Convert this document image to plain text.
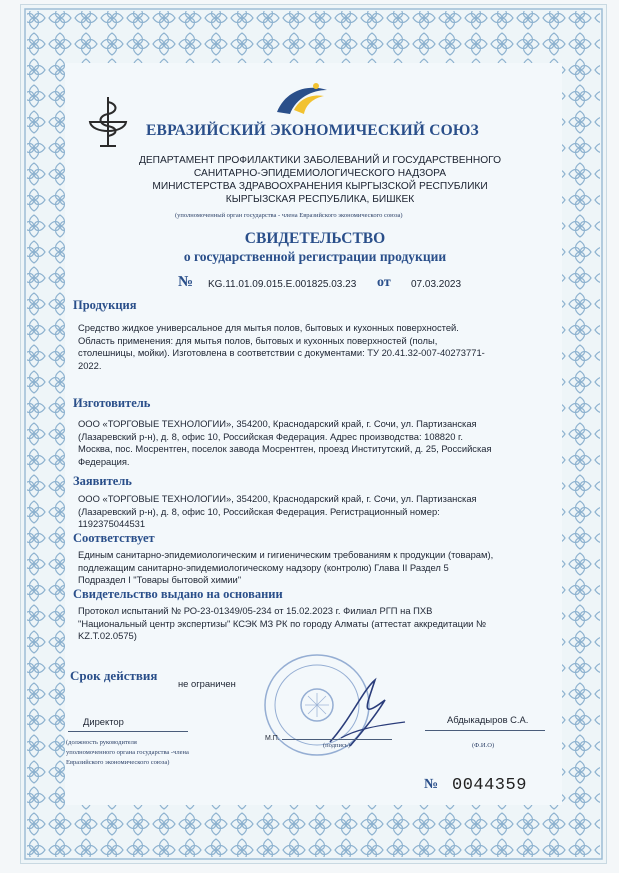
ЕВРАЗИЙСКИЙ ЭКОНОМИЧЕСКИЙ СОЮЗ
ДЕПАРТАМЕНТ ПРОФИЛАКТИКИ ЗАБОЛЕВАНИЙ И ГОСУДАРСТВЕННОГО
САНИТАРНО-ЭПИДЕМИОЛОГИЧЕСКОГО НАДЗОРА
МИНИСТЕРСТВА ЗДРАВООХРАНЕНИЯ КЫРГЫЗСКОЙ РЕСПУБЛИКИ
КЫРГЫЗСКАЯ РЕСПУБЛИКА, БИШКЕК
(уполномоченный орган государства - члена Евразийского экономического союза)
СВИДЕТЕЛЬСТВО
о государственной регистрации продукции
№ KG.11.01.09.015.E.001825.03.23 от 07.03.2023
Продукция
Средство жидкое универсальное для мытья полов, бытовых и кухонных поверхностей.
Область применения: для мытья полов, бытовых и кухонных поверхностей (полы,
столешницы, мойки). Изготовлена в соответствии с документами: ТУ 20.41.32-007-40273771-
2022.
Изготовитель
ООО «ТОРГОВЫЕ ТЕХНОЛОГИИ», 354200, Краснодарский край, г. Сочи, ул. Партизанская
(Лазаревский р-н), д. 8, офис 10, Российская Федерация. Адрес производства: 108820 г.
Москва, пос. Мосрентген, поселок завода Мосрентген, проезд Институтский, д. 25, Российская
Федерация.
Заявитель
ООО «ТОРГОВЫЕ ТЕХНОЛОГИИ», 354200, Краснодарский край, г. Сочи, ул. Партизанская
(Лазаревский р-н), д. 8, офис 10, Российская Федерация. Регистрационный номер:
1192375044531
Соответствует
Единым санитарно-эпидемиологическим и гигиеническим требованиям к продукции (товарам),
подлежащим санитарно-эпидемиологическому надзору (контролю) Глава II Раздел 5
Подраздел I "Товары бытовой химии"
Свидетельство выдано на основании
Протокол испытаний № РО-23-01349/05-234 от 15.02.2023 г. Филиал РГП на ПХВ
"Национальный центр экспертизы" КСЭК МЗ РК по городу Алматы (аттестат аккредитации №
KZ.T.02.0575)
Срок действия
не ограничен
Директор
М.П.
(подпись)
Абдыкадыров С.А.
(Ф.И.О)
(должность руководителя
уполномоченного органа государства -члена
Евразийского экономического союза)
№ 0044359
